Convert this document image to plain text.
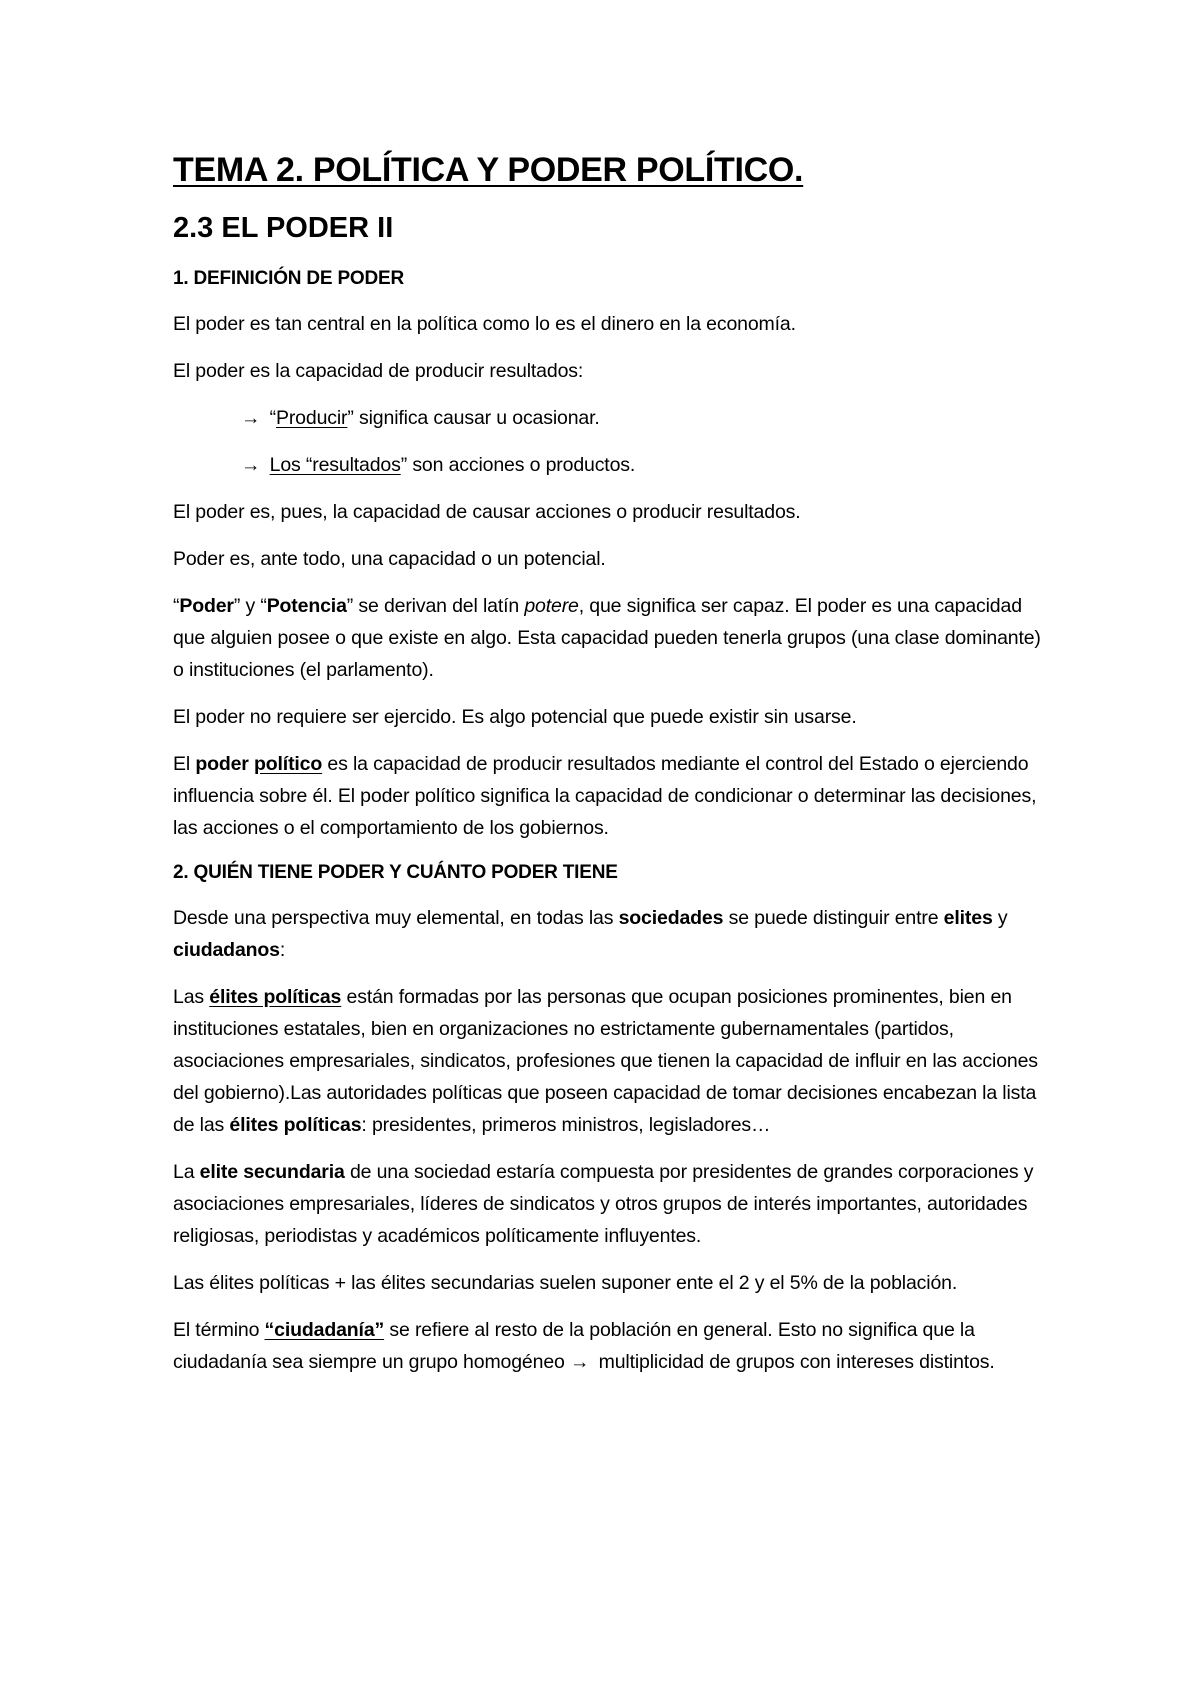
TEMA 2. POLÍTICA Y PODER POLÍTICO.
2.3 EL PODER II
1. DEFINICIÓN DE PODER

El poder es tan central en la política como lo es el dinero en la economía.

El poder es la capacidad de producir resultados:

→ “Producir” significa causar u ocasionar.

→ Los “resultados” son acciones o productos.

El poder es, pues, la capacidad de causar acciones o producir resultados.

Poder es, ante todo, una capacidad o un potencial.

“Poder” y “Potencia” se derivan del latín potere, que significa ser capaz. El poder es una capacidad que alguien posee o que existe en algo. Esta capacidad pueden tenerla grupos (una clase dominante) o instituciones (el parlamento).

El poder no requiere ser ejercido. Es algo potencial que puede existir sin usarse.

El poder político es la capacidad de producir resultados mediante el control del Estado o ejerciendo influencia sobre él. El poder político significa la capacidad de condicionar o determinar las decisiones, las acciones o el comportamiento de los gobiernos.

2. QUIÉN TIENE PODER Y CUÁNTO PODER TIENE

Desde una perspectiva muy elemental, en todas las sociedades se puede distinguir entre elites y ciudadanos:

Las élites políticas están formadas por las personas que ocupan posiciones prominentes, bien en instituciones estatales, bien en organizaciones no estrictamente gubernamentales (partidos, asociaciones empresariales, sindicatos, profesiones que tienen la capacidad de influir en las acciones del gobierno).Las autoridades políticas que poseen capacidad de tomar decisiones encabezan la lista de las élites políticas: presidentes, primeros ministros, legisladores…

La elite secundaria de una sociedad estaría compuesta por presidentes de grandes corporaciones y asociaciones empresariales, líderes de sindicatos y otros grupos de interés importantes, autoridades religiosas, periodistas y académicos políticamente influyentes.

Las élites políticas + las élites secundarias suelen suponer ente el 2 y el 5% de la población.

El término “ciudadanía” se refiere al resto de la población en general. Esto no significa que la ciudadanía sea siempre un grupo homogéneo → multiplicidad de grupos con intereses distintos.
